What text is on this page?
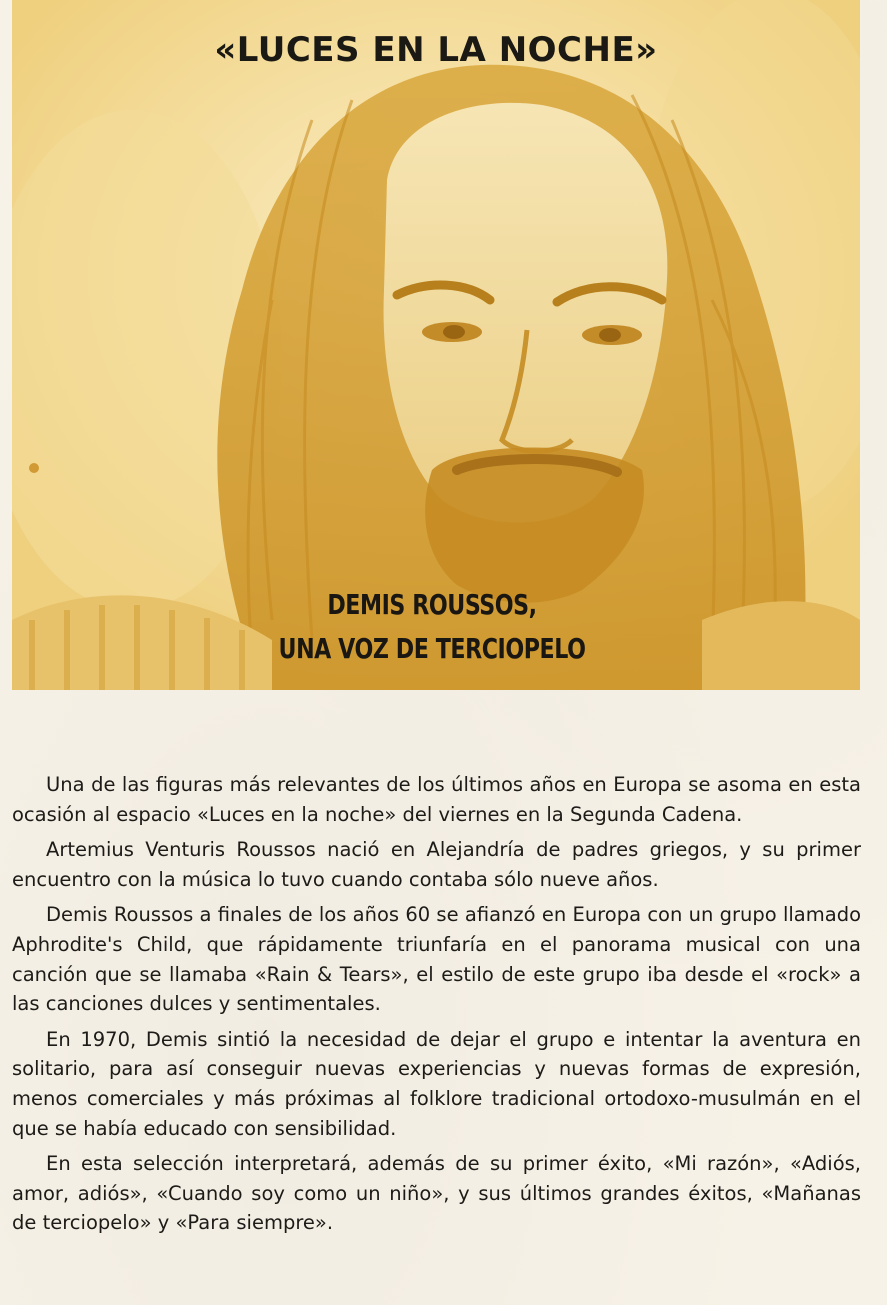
«LUCES EN LA NOCHE»
DEMIS ROUSSOS,
UNA VOZ DE TERCIOPELO

Una de las figuras más relevantes de los últimos años en Europa se asoma en esta ocasión al espacio «Luces en la noche» del viernes en la Segunda Cadena.

Artemius Venturis Roussos nació en Alejandría de padres griegos, y su primer encuentro con la música lo tuvo cuando contaba sólo nueve años.

Demis Roussos a finales de los años 60 se afianzó en Europa con un grupo llamado Aphrodite's Child, que rápidamente triunfaría en el panorama musical con una canción que se llamaba «Rain & Tears», el estilo de este grupo iba desde el «rock» a las canciones dulces y sentimentales.

En 1970, Demis sintió la necesidad de dejar el grupo e intentar la aventura en solitario, para así conseguir nuevas experiencias y nuevas formas de expresión, menos comerciales y más próximas al folklore tradicional ortodoxo-musulmán en el que se había educado con sensibilidad.

En esta selección interpretará, además de su primer éxito, «Mi razón», «Adiós, amor, adiós», «Cuando soy como un niño», y sus últimos grandes éxitos, «Mañanas de terciopelo» y «Para siempre».
